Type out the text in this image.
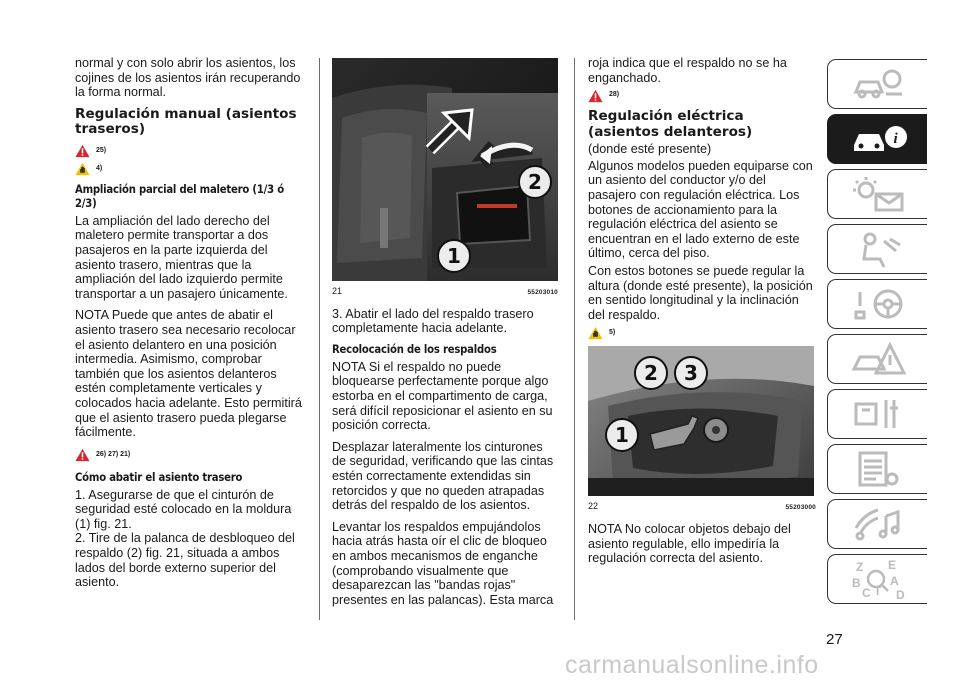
normal y con solo abrir los asientos, los cojines de los asientos irán recuperando la forma normal.

Regulación manual (asientos traseros)
25)
4)
Ampliación parcial del maletero (1/3 ó 2/3)

La ampliación del lado derecho del maletero permite transportar a dos pasajeros en la parte izquierda del asiento trasero, mientras que la ampliación del lado izquierdo permite transportar a un pasajero únicamente.

NOTA Puede que antes de abatir el asiento trasero sea necesario recolocar el asiento delantero en una posición intermedia. Asimismo, comprobar también que los asientos delanteros estén completamente verticales y colocados hacia adelante. Esto permitirá que el asiento trasero pueda plegarse fácilmente.

26) 27) 21)
Cómo abatir el asiento trasero

1. Asegurarse de que el cinturón de seguridad esté colocado en la moldura (1) fig. 21.

2. Tire de la palanca de desbloqueo del respaldo (2) fig. 21, situada a ambos lados del borde externo superior del asiento.

2
1
21	55203010

3. Abatir el lado del respaldo trasero completamente hacia adelante.

Recolocación de los respaldos

NOTA Si el respaldo no puede bloquearse perfectamente porque algo estorba en el compartimento de carga, será difícil reposicionar el asiento en su posición correcta.

Desplazar lateralmente los cinturones de seguridad, verificando que las cintas estén correctamente extendidas sin retorcidos y que no queden atrapadas detrás del respaldo de los asientos.

Levantar los respaldos empujándolos hacia atrás hasta oír el clic de bloqueo en ambos mecanismos de enganche (comprobando visualmente que desaparezcan las "bandas rojas" presentes en las palancas). Esta marca

roja indica que el respaldo no se ha enganchado.

28)
Regulación eléctrica (asientos delanteros)

(donde esté presente)

Algunos modelos pueden equiparse con un asiento del conductor y/o del pasajero con regulación eléctrica. Los botones de accionamiento para la regulación eléctrica del asiento se encuentran en el lado externo de este último, cerca del piso.

Con estos botones se puede regular la altura (donde esté presente), la posición en sentido longitudinal y la inclinación del respaldo.

5)
2	3
1
22	55203000

NOTA No colocar objetos debajo del asiento regulable, ello impediría la regulación correcta del asiento.

i
Z E
B A
C T D
27
carmanualsonline.info
